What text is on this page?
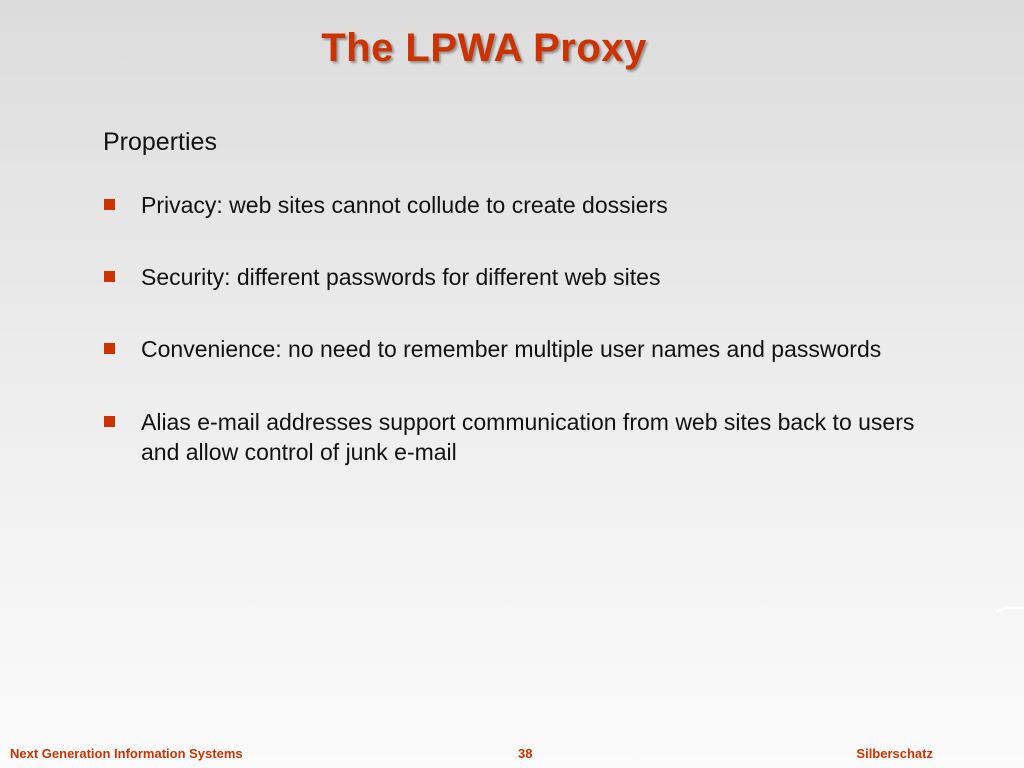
The LPWA Proxy
Properties
Privacy: web sites cannot collude to create dossiers
Security: different passwords for different web sites
Convenience: no need to remember multiple user names and passwords
Alias e-mail addresses support communication from web sites back to users and allow control of junk e-mail
Next Generation Information Systems	38	Silberschatz
